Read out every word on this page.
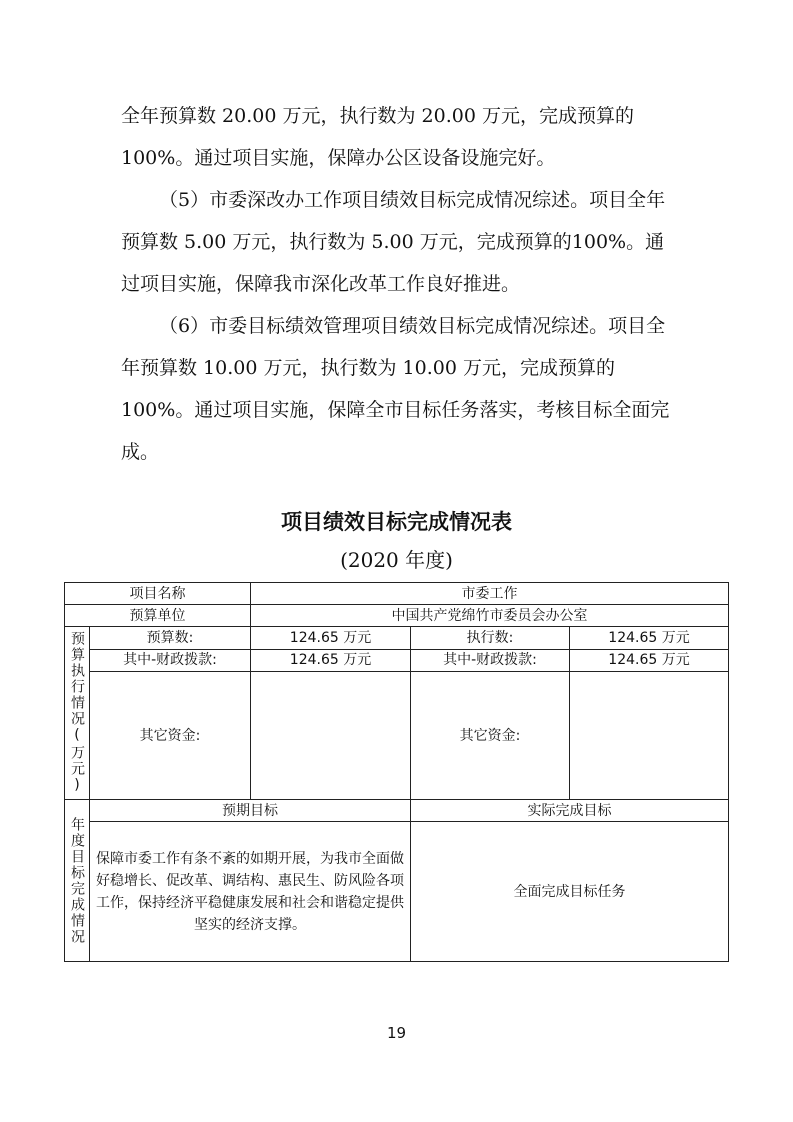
全年预算数 20.00 万元，执行数为 20.00 万元，完成预算的100%。通过项目实施，保障办公区设备设施完好。

（5）市委深改办工作项目绩效目标完成情况综述。项目全年预算数 5.00 万元，执行数为 5.00 万元，完成预算的100%。通过项目实施，保障我市深化改革工作良好推进。

（6）市委目标绩效管理项目绩效目标完成情况综述。项目全年预算数 10.00 万元，执行数为 10.00 万元，完成预算的 100%。通过项目实施，保障全市目标任务落实，考核目标全面完成。

项目绩效目标完成情况表
(2020 年度)
项目名称		市委工作		
预算单位		中国共产党绵竹市委员会办公室		
预算执行情况(万元)	预算数:	124.65 万元	执行数:	124.65 万元
	其中-财政拨款:	124.65 万元	其中-财政拨款:	124.65 万元
	其它资金:		其它资金:	

年度目标完成情况	预期目标		实际完成目标	
	保障市委工作有条不紊的如期开展，为我市全面做好稳增长、促改革、调结构、惠民生、防风险各项工作，保持经济平稳健康发展和社会和谐稳定提供坚实的经济支撑。		全面完成目标任务	
19
